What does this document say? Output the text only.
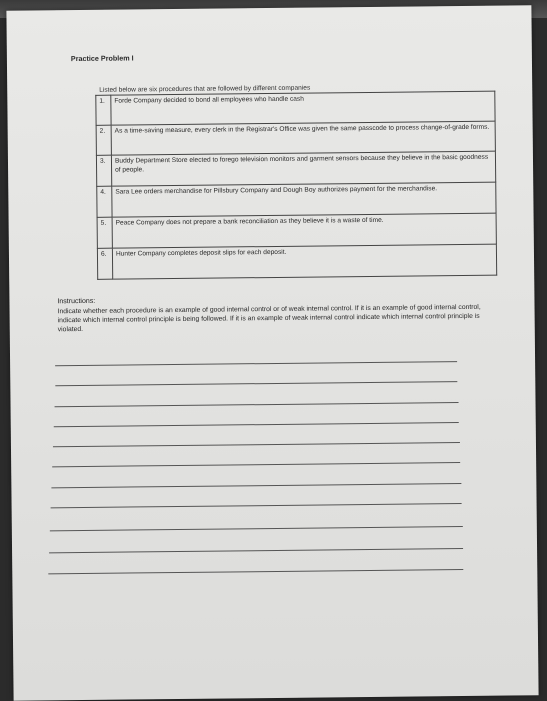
Practice Problem I
Listed below are six procedures that are followed by different companies
1.	Forde Company decided to bond all employees who handle cash
2.	As a time-saving measure, every clerk in the Registrar's Office was given the same passcode to process change-of-grade forms.
3.	Buddy Department Store elected to forego television monitors and garment sensors because they believe in the basic goodness of people.
4.	Sara Lee orders merchandise for Pillsbury Company and Dough Boy authorizes payment for the merchandise.
5.	Peace Company does not prepare a bank reconciliation as they believe it is a waste of time.
6.	Hunter Company completes deposit slips for each deposit.
Instructions:
Indicate whether each procedure is an example of good internal control or of weak internal control. If it is an example of good internal control, indicate which internal control principle is being followed. If it is an example of weak internal control indicate which internal control principle is violated.
